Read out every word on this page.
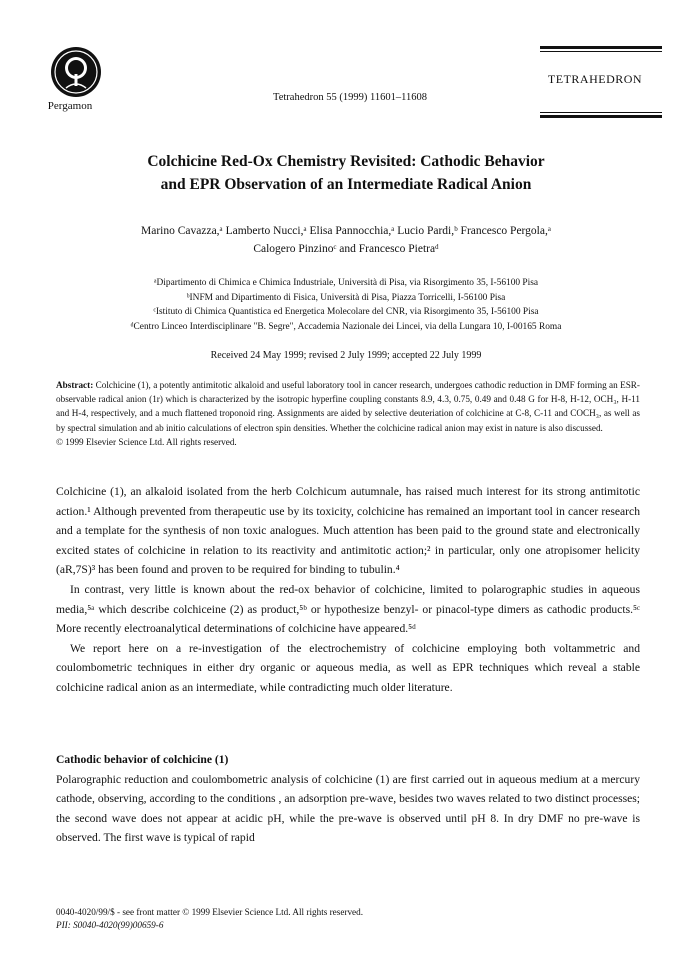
Pergamon
Tetrahedron 55 (1999) 11601–11608
TETRAHEDRON
Colchicine Red-Ox Chemistry Revisited: Cathodic Behavior
and EPR Observation of an Intermediate Radical Anion
Marino Cavazza,ᵃ Lamberto Nucci,ᵃ Elisa Pannocchia,ᵃ Lucio Pardi,ᵇ Francesco Pergola,ᵃ
Calogero Pinzinoᶜ and Francesco Pietraᵈ
ᵃDipartimento di Chimica e Chimica Industriale, Università di Pisa, via Risorgimento 35, I-56100 Pisa
ᵇINFM and Dipartimento di Fisica, Università di Pisa, Piazza Torricelli, I-56100 Pisa
ᶜIstituto di Chimica Quantistica ed Energetica Molecolare del CNR, via Risorgimento 35, I-56100 Pisa
ᵈCentro Linceo Interdisciplinare "B. Segre", Accademia Nazionale dei Lincei, via della Lungara 10, I-00165 Roma
Received 24 May 1999; revised 2 July 1999; accepted 22 July 1999
Abstract: Colchicine (1), a potently antimitotic alkaloid and useful laboratory tool in cancer research, undergoes cathodic reduction in DMF forming an ESR-observable radical anion (1r) which is characterized by the isotropic hyperfine coupling constants 8.9, 4.3, 0.75, 0.49 and 0.48 G for H-8, H-12, OCH₃, H-11 and H-4, respectively, and a much flattened troponoid ring. Assignments are aided by selective deuteriation of colchicine at C-8, C-11 and COCH₃, as well as by spectral simulation and ab initio calculations of electron spin densities. Whether the colchicine radical anion may exist in nature is also discussed.
© 1999 Elsevier Science Ltd. All rights reserved.

Colchicine (1), an alkaloid isolated from the herb Colchicum autumnale, has raised much interest for its strong antimitotic action.¹ Although prevented from therapeutic use by its toxicity, colchicine has remained an important tool in cancer research and a template for the synthesis of non toxic analogues. Much attention has been paid to the ground state and electronically excited states of colchicine in relation to its reactivity and antimitotic action;² in particular, only one atropisomer helicity (aR,7S)³ has been found and proven to be required for binding to tubulin.⁴

In contrast, very little is known about the red-ox behavior of colchicine, limited to polarographic studies in aqueous media,⁵ᵃ which describe colchiceine (2) as product,⁵ᵇ or hypothesize benzyl- or pinacol-type dimers as cathodic products.⁵ᶜ More recently electroanalytical determinations of colchicine have appeared.⁵ᵈ

We report here on a re-investigation of the electrochemistry of colchicine employing both voltammetric and coulombometric techniques in either dry organic or aqueous media, as well as EPR techniques which reveal a stable colchicine radical anion as an intermediate, while contradicting much older literature.

Cathodic behavior of colchicine (1)

Polarographic reduction and coulombometric analysis of colchicine (1) are first carried out in aqueous medium at a mercury cathode, observing, according to the conditions , an adsorption pre-wave, besides two waves related to two distinct processes; the second wave does not appear at acidic pH, while the pre-wave is observed until pH 8. In dry DMF no pre-wave is observed. The first wave is typical of rapid

0040-4020/99/$ - see front matter © 1999 Elsevier Science Ltd. All rights reserved.
PII: S0040-4020(99)00659-6
